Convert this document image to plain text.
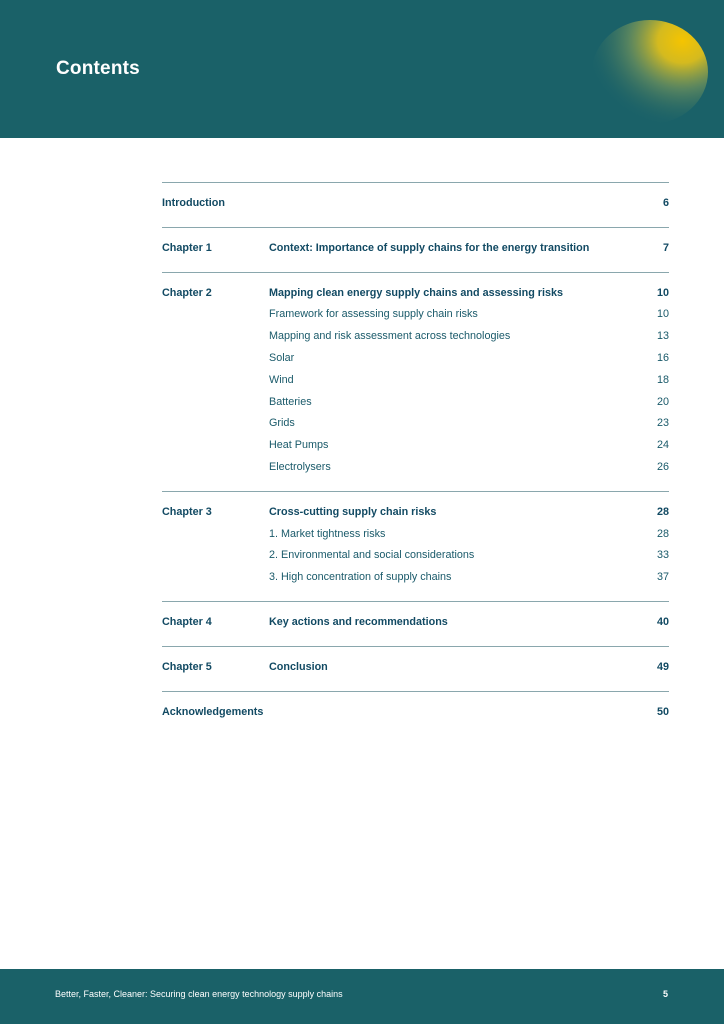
Contents
Introduction	6
Chapter 1	Context: Importance of supply chains for the energy transition	7
Chapter 2	Mapping clean energy supply chains and assessing risks	10
Framework for assessing supply chain risks	10
Mapping and risk assessment across technologies	13
Solar	16
Wind	18
Batteries	20
Grids	23
Heat Pumps	24
Electrolysers	26
Chapter 3	Cross-cutting supply chain risks	28
1. Market tightness risks	28
2. Environmental and social considerations	33
3. High concentration of supply chains	37
Chapter 4	Key actions and recommendations	40
Chapter 5	Conclusion	49
Acknowledgements	50
Better, Faster, Cleaner: Securing clean energy technology supply chains	5
